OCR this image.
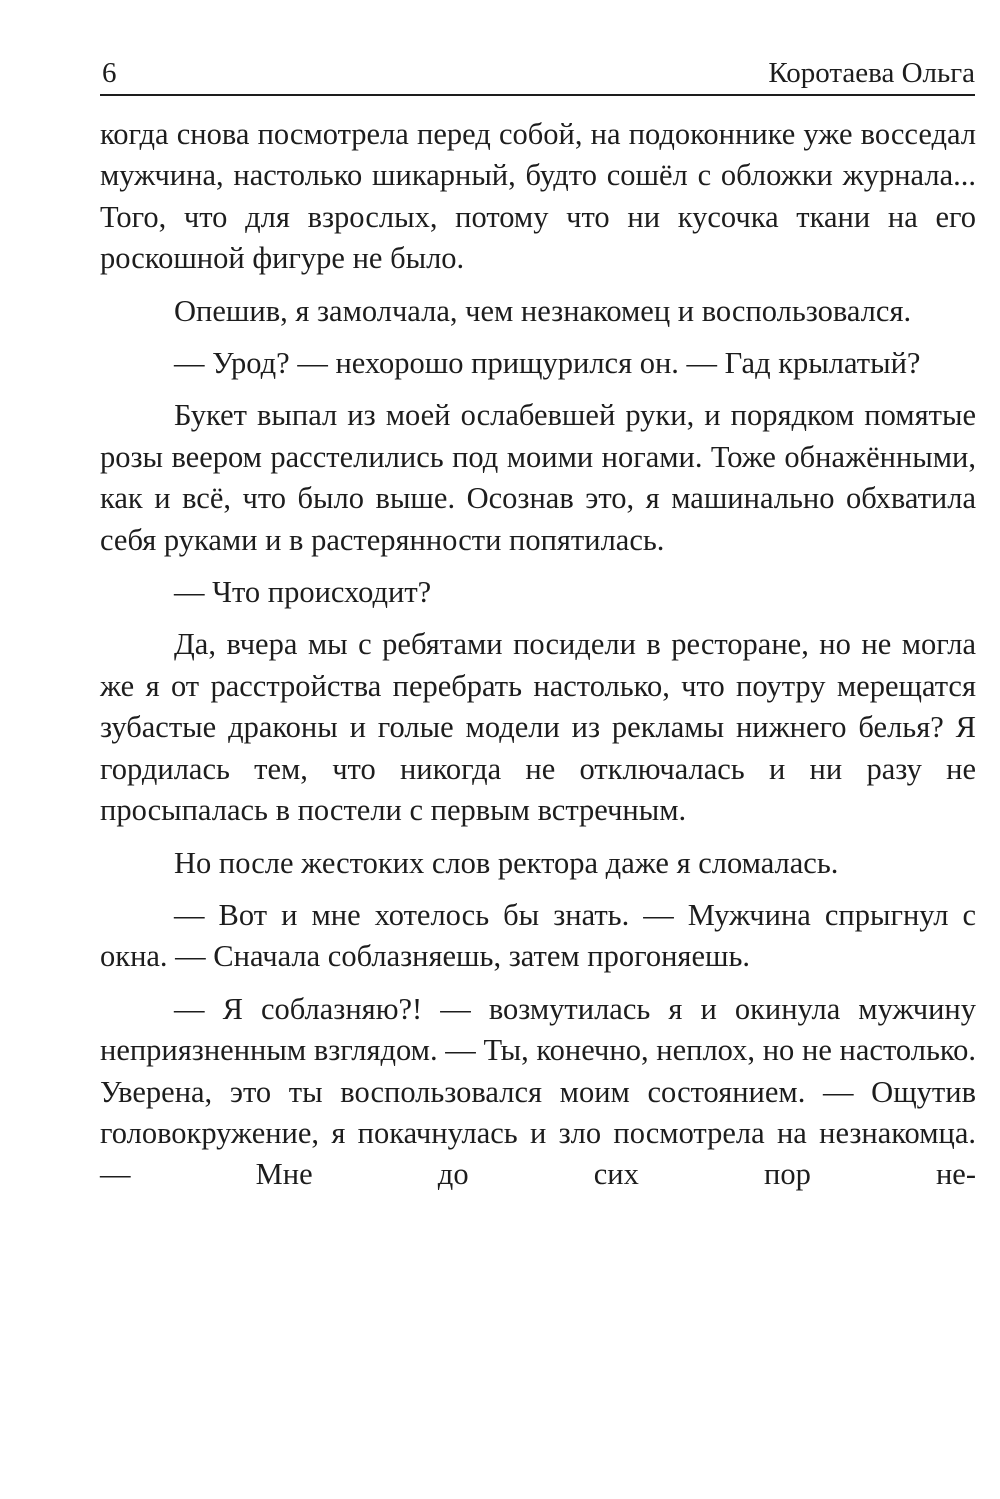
6	Коротаева Ольга

когда снова посмотрела перед собой, на подоконнике уже восседал мужчина, настолько шикарный, будто сошёл с обложки журнала... Того, что для взрослых, потому что ни кусочка ткани на его роскошной фигуре не было.

Опешив, я замолчала, чем незнакомец и воспользовался.

— Урод? — нехорошо прищурился он. — Гад крылатый?

Букет выпал из моей ослабевшей руки, и порядком помятые розы веером расстелились под моими ногами. Тоже обнажёнными, как и всё, что было выше. Осознав это, я машинально обхватила себя руками и в растерянности попятилась.

— Что происходит?

Да, вчера мы с ребятами посидели в ресторане, но не могла же я от расстройства перебрать настолько, что поутру мерещатся зубастые драконы и голые модели из рекламы нижнего белья? Я гордилась тем, что никогда не отключалась и ни разу не просыпалась в постели с первым встречным.

Но после жестоких слов ректора даже я сломалась.

— Вот и мне хотелось бы знать. — Мужчина спрыгнул с окна. — Сначала соблазняешь, затем прогоняешь.

— Я соблазняю?! — возмутилась я и окинула мужчину неприязненным взглядом. — Ты, конечно, неплох, но не настолько. Уверена, это ты воспользовался моим состоянием. — Ощутив головокружение, я покачнулась и зло посмотрела на незнакомца. — Мне до сих пор не-
